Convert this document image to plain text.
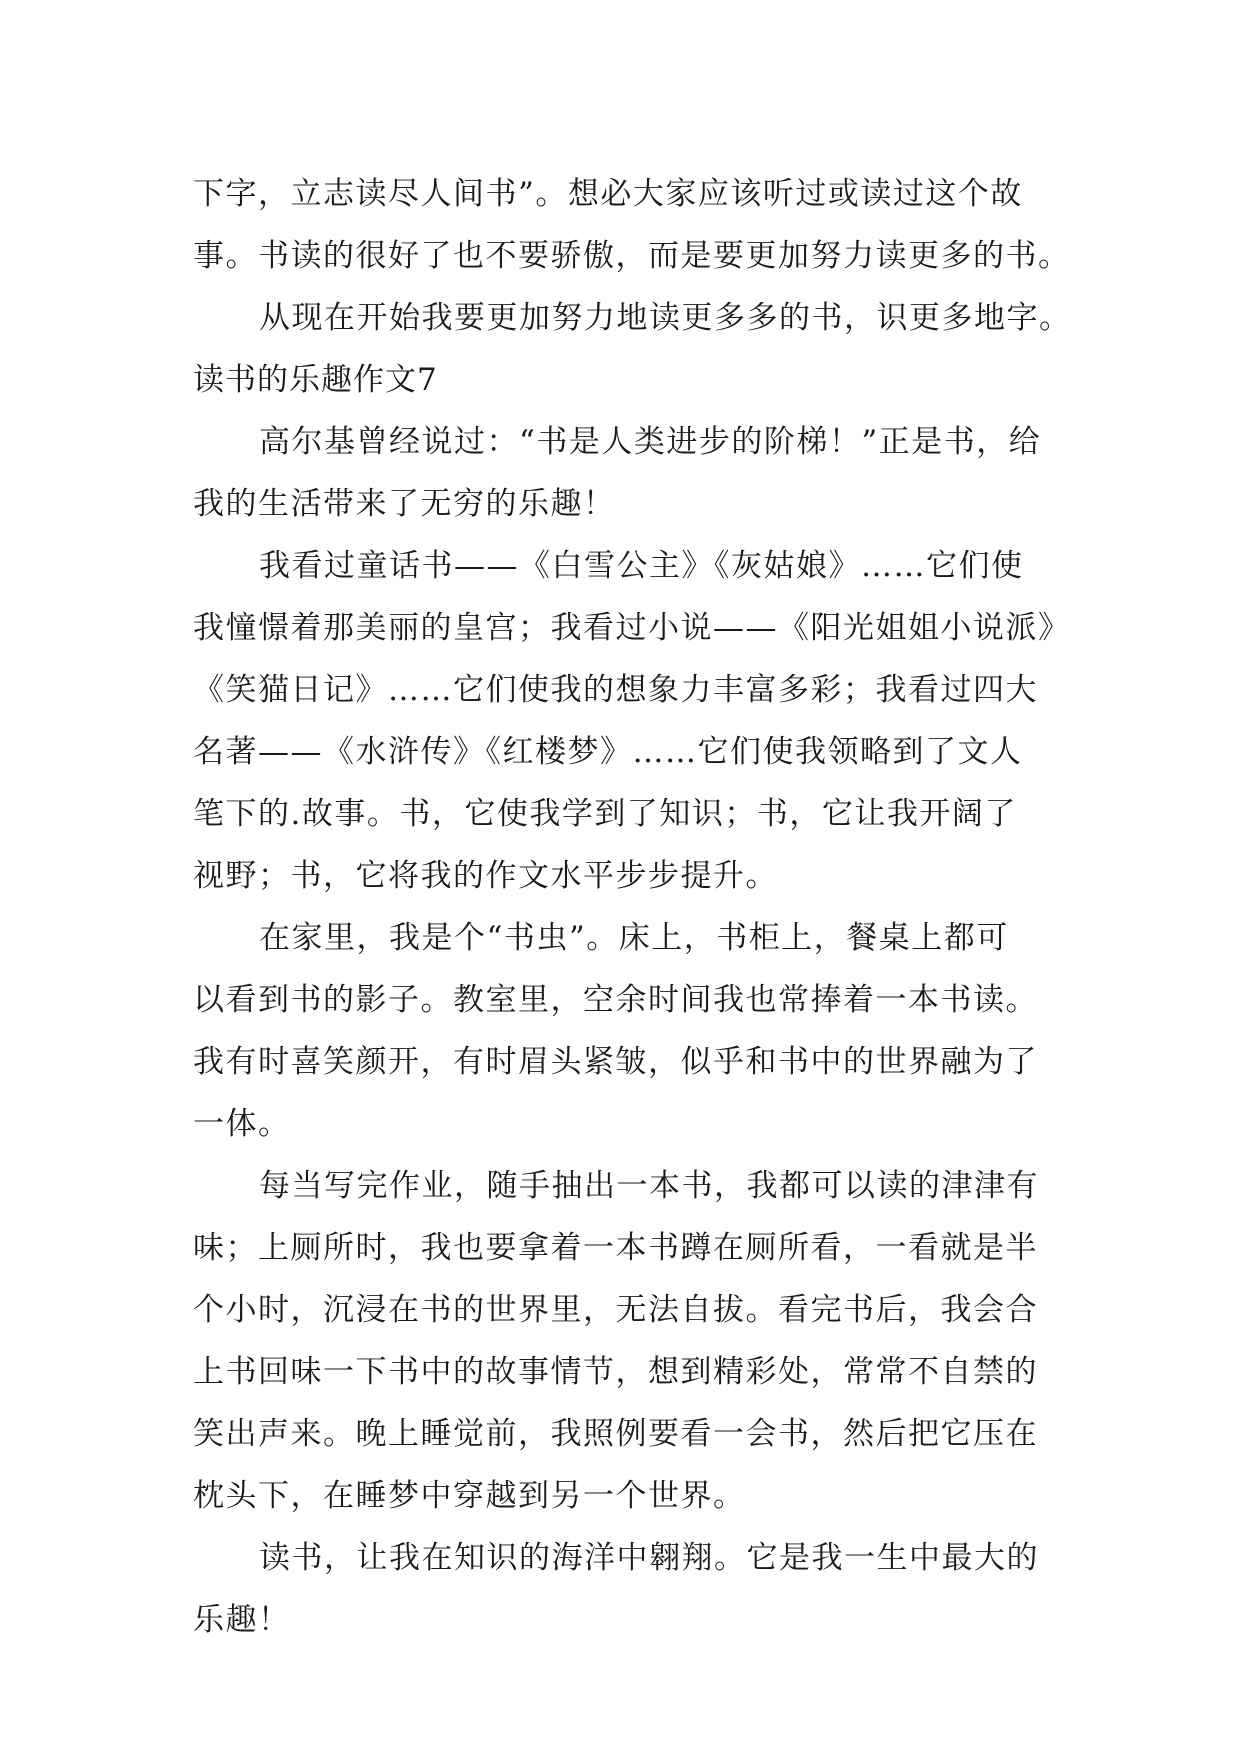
下字，立志读尽人间书”。想必大家应该听过或读过这个故
事。书读的很好了也不要骄傲，而是要更加努力读更多的书。
从现在开始我要更加努力地读更多多的书，识更多地字。
读书的乐趣作文7
高尔基曾经说过：“书是人类进步的阶梯！”正是书，给
我的生活带来了无穷的乐趣！
我看过童话书——《白雪公主》《灰姑娘》……它们使
我憧憬着那美丽的皇宫；我看过小说——《阳光姐姐小说派》
《笑猫日记》……它们使我的想象力丰富多彩；我看过四大
名著——《水浒传》《红楼梦》……它们使我领略到了文人
笔下的.故事。书，它使我学到了知识；书，它让我开阔了
视野；书，它将我的作文水平步步提升。
在家里，我是个“书虫”。床上，书柜上，餐桌上都可
以看到书的影子。教室里，空余时间我也常捧着一本书读。
我有时喜笑颜开，有时眉头紧皱，似乎和书中的世界融为了
一体。
每当写完作业，随手抽出一本书，我都可以读的津津有
味；上厕所时，我也要拿着一本书蹲在厕所看，一看就是半
个小时，沉浸在书的世界里，无法自拔。看完书后，我会合
上书回味一下书中的故事情节，想到精彩处，常常不自禁的
笑出声来。晚上睡觉前，我照例要看一会书，然后把它压在
枕头下，在睡梦中穿越到另一个世界。
读书，让我在知识的海洋中翱翔。它是我一生中最大的
乐趣！
